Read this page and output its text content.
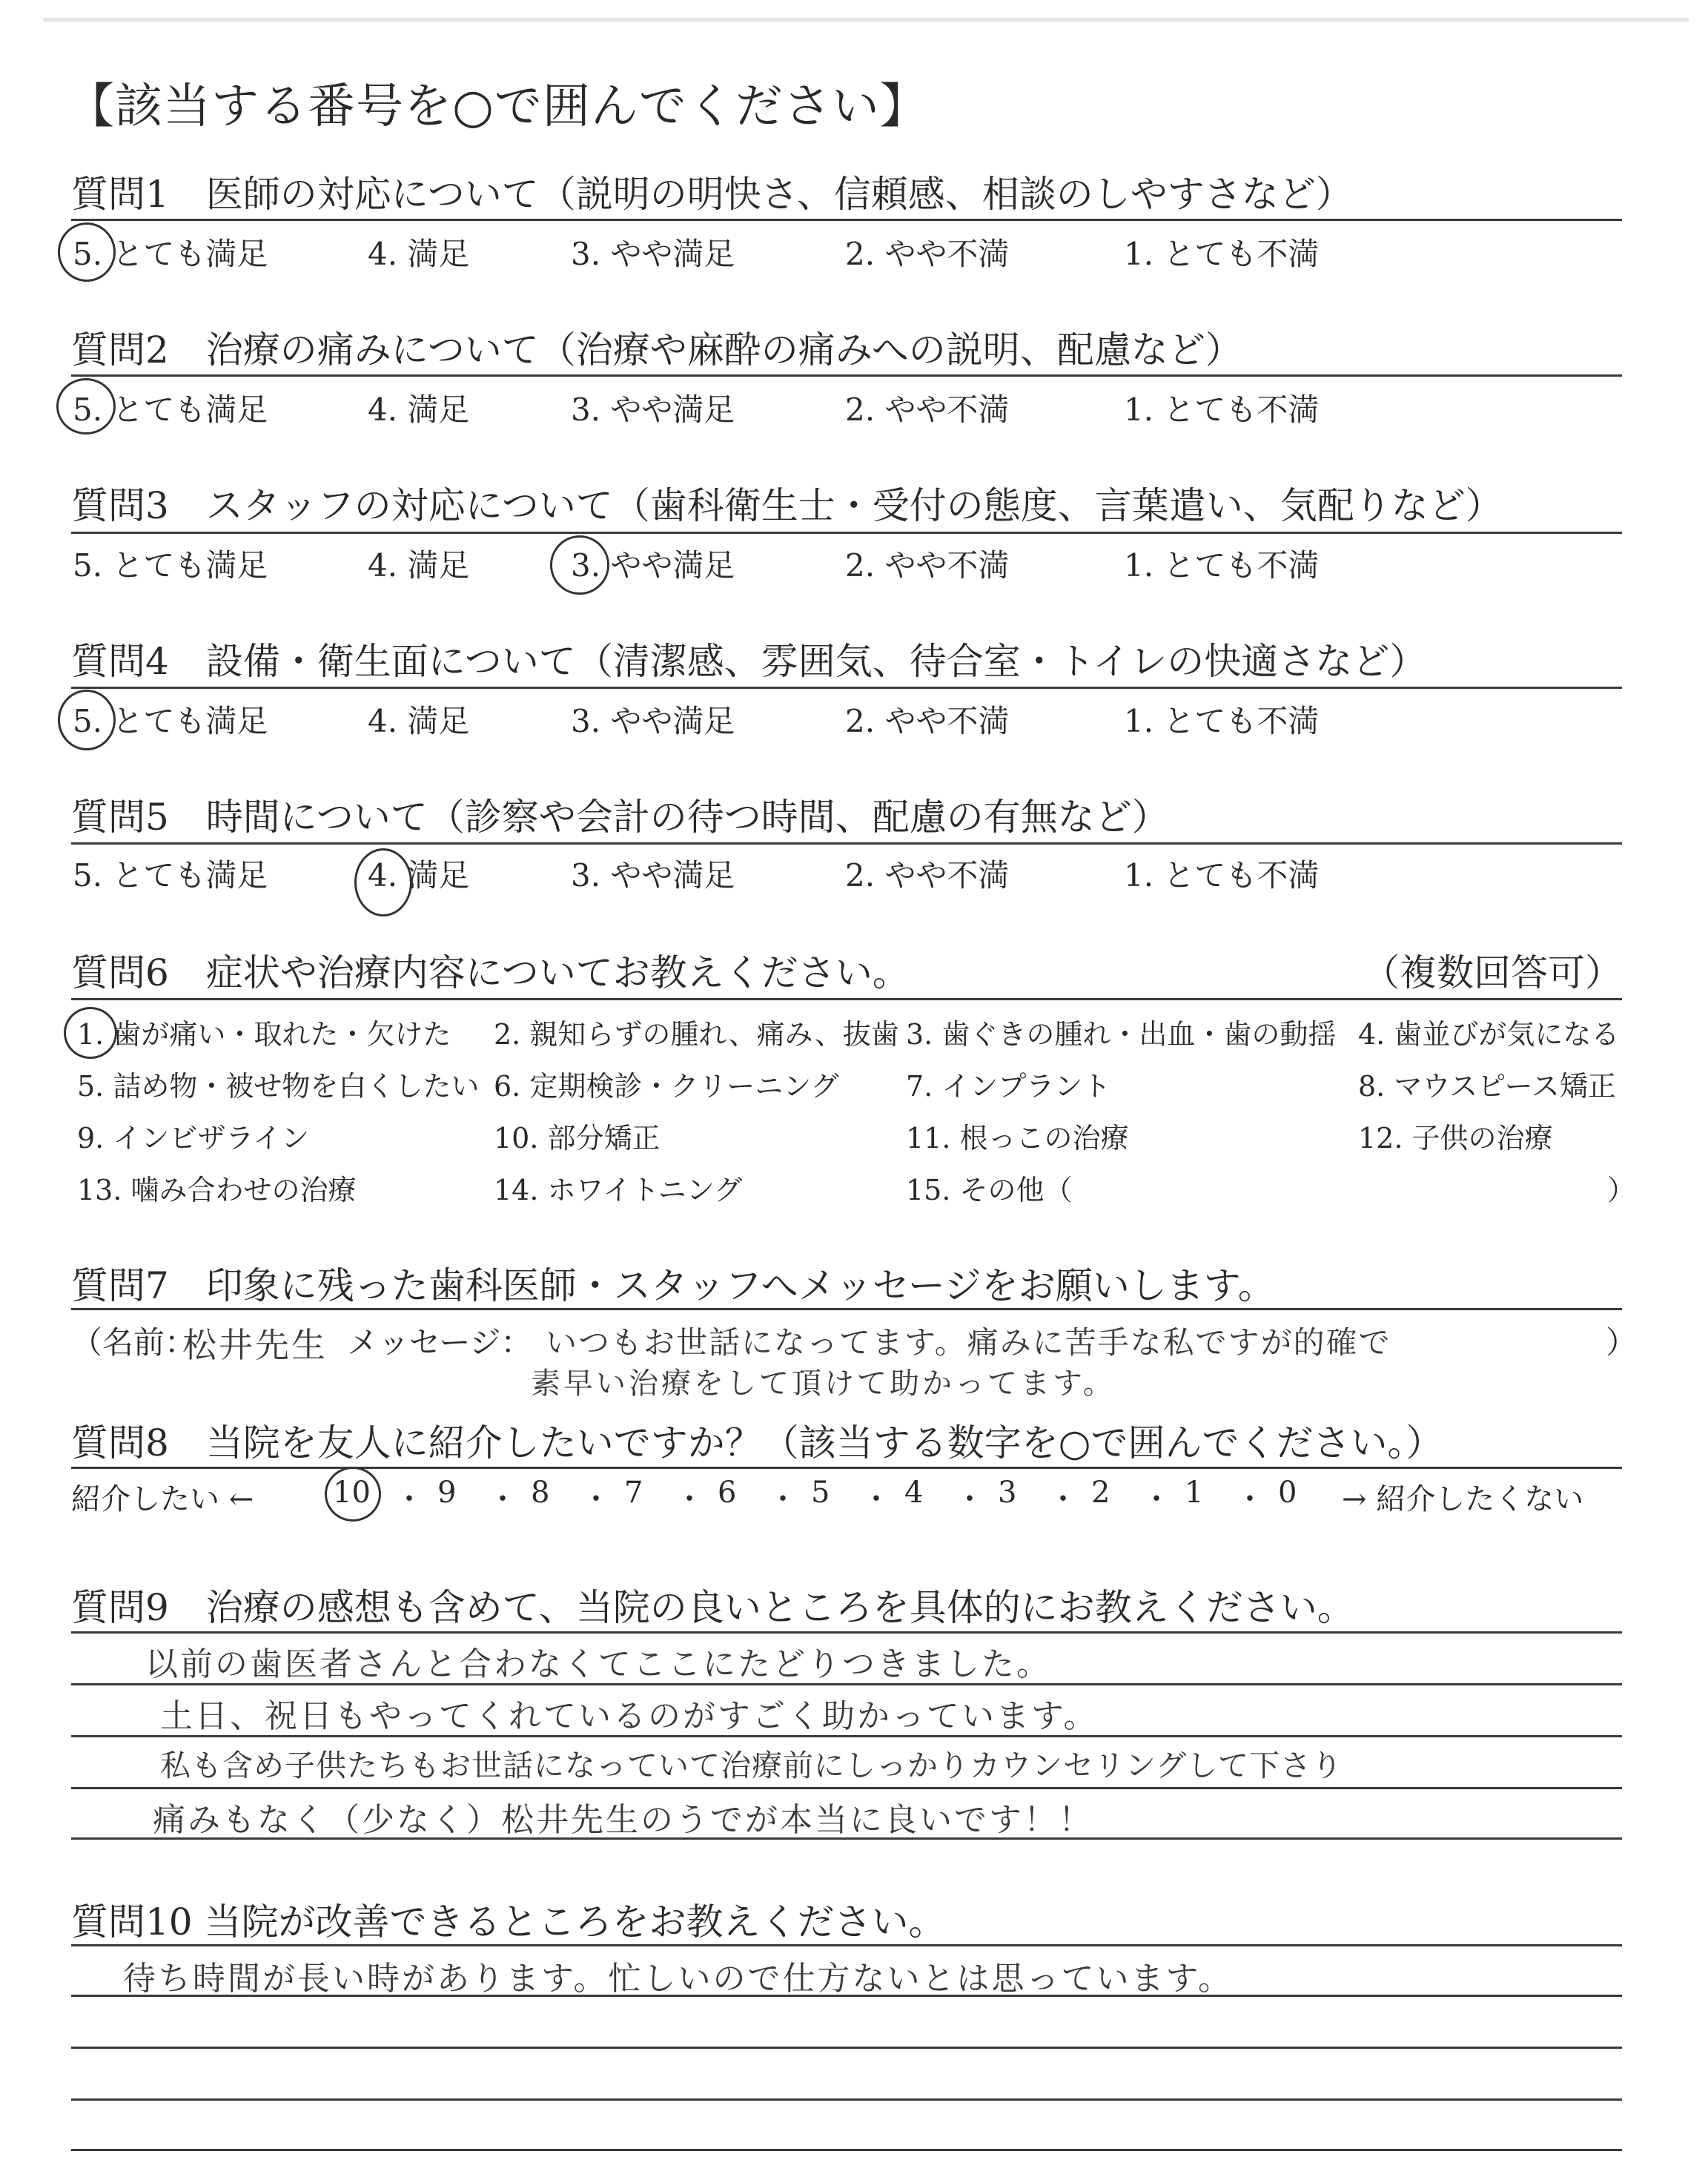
【該当する番号を○で囲んでください】
質問1　医師の対応について（説明の明快さ、信頼感、相談のしやすさなど）
5. とても満足	4. 満足	3. やや満足	2. やや不満	1. とても不満
質問2　治療の痛みについて（治療や麻酔の痛みへの説明、配慮など）
5. とても満足	4. 満足	3. やや満足	2. やや不満	1. とても不満
質問3　スタッフの対応について（歯科衛生士・受付の態度、言葉遣い、気配りなど）
5. とても満足	4. 満足	3. やや満足	2. やや不満	1. とても不満
質問4　設備・衛生面について（清潔感、雰囲気、待合室・トイレの快適さなど）
5. とても満足	4. 満足	3. やや満足	2. やや不満	1. とても不満
質問5　時間について（診察や会計の待つ時間、配慮の有無など）
5. とても満足	4. 満足	3. やや満足	2. やや不満	1. とても不満
質問6　症状や治療内容についてお教えください。	（複数回答可）
1. 歯が痛い・取れた・欠けた 2. 親知らずの腫れ、痛み、抜歯 3. 歯ぐきの腫れ・出血・歯の動揺 4. 歯並びが気になる
5. 詰め物・被せ物を白くしたい 6. 定期検診・クリーニング 7. インプラント	8. マウスピース矯正
9. インビザライン	10. 部分矯正	11. 根っこの治療	12. 子供の治療
13. 噛み合わせの治療	14. ホワイトニング	15. その他（	）
質問7　印象に残った歯科医師・スタッフへメッセージをお願いします。
（名前：
松井先生 メッセージ： いつもお世話になってます。痛みに苦手な私ですが的確で	）
素早い治療をして頂けて助かってます。
質問8　当院を友人に紹介したいですか？（該当する数字を○で囲んでください。）
紹介したい ←	→ 紹介したくない
10 ・ 9 ・ 8 ・ 7 ・ 6 ・ 5 ・ 4 ・ 3 ・ 2 ・ 1 ・ 0
質問9　治療の感想も含めて、当院の良いところを具体的にお教えください。
以前の歯医者さんと合わなくてここにたどりつきました。
土日、祝日もやってくれているのがすごく助かっています。
私も含め子供たちもお世話になっていて治療前にしっかりカウンセリングして下さり
痛みもなく（少なく）松井先生のうでが本当に良いです！！
質問10 当院が改善できるところをお教えください。
待ち時間が長い時があります。忙しいので仕方ないとは思っています。
